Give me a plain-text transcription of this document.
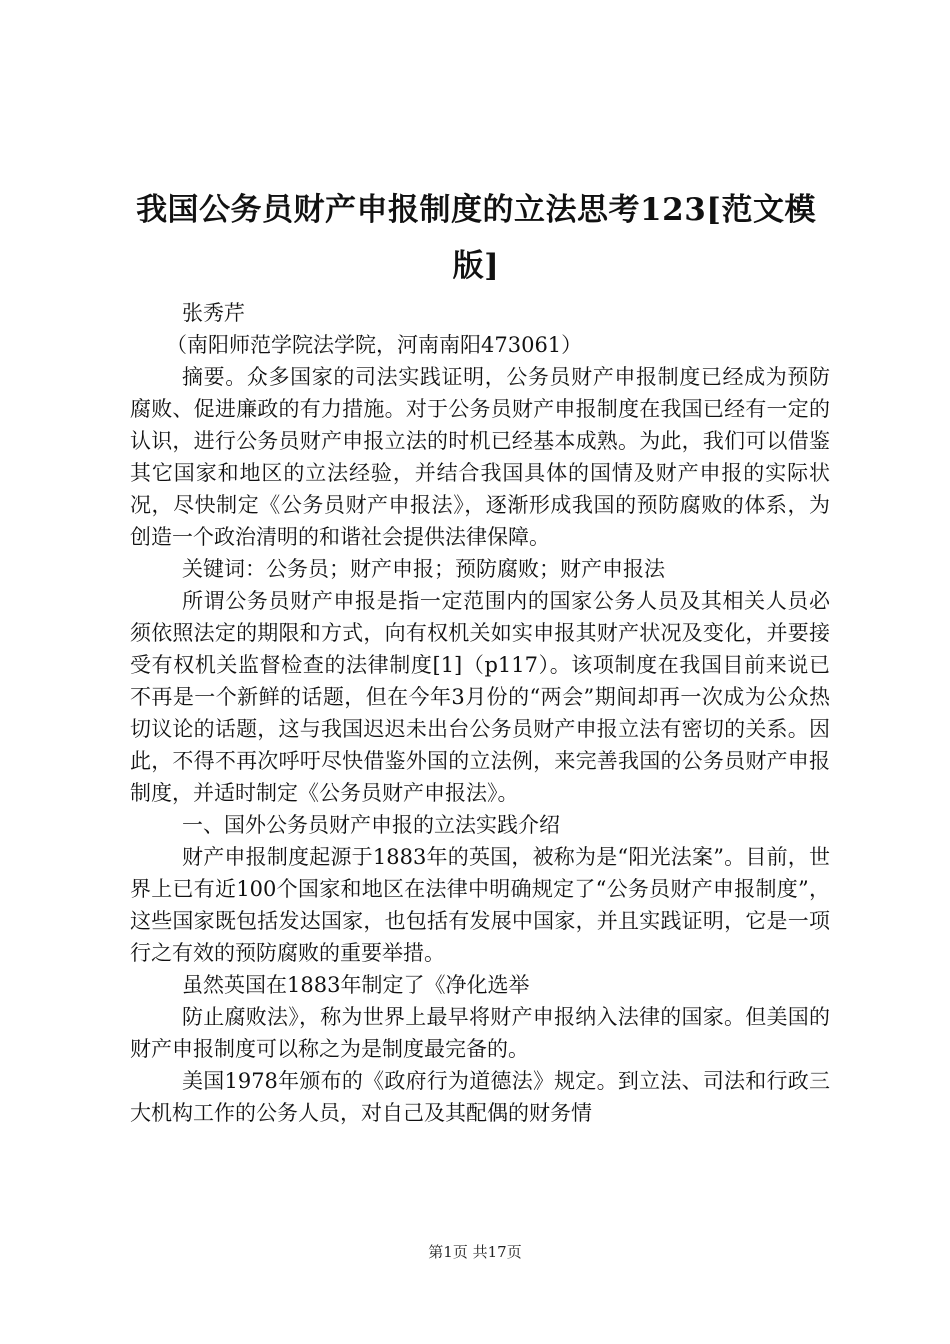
我国公务员财产申报制度的立法思考123[范文模版]

张秀芹

（南阳师范学院法学院，河南南阳473061）

摘要。众多国家的司法实践证明，公务员财产申报制度已经成为预防腐败、促进廉政的有力措施。对于公务员财产申报制度在我国已经有一定的认识，进行公务员财产申报立法的时机已经基本成熟。为此，我们可以借鉴其它国家和地区的立法经验，并结合我国具体的国情及财产申报的实际状况，尽快制定《公务员财产申报法》，逐渐形成我国的预防腐败的体系，为创造一个政治清明的和谐社会提供法律保障。

关键词：公务员；财产申报；预防腐败；财产申报法

所谓公务员财产申报是指一定范围内的国家公务人员及其相关人员必须依照法定的期限和方式，向有权机关如实申报其财产状况及变化，并要接受有权机关监督检查的法律制度[1]（p117）。该项制度在我国目前来说已不再是一个新鲜的话题，但在今年3月份的“两会”期间却再一次成为公众热切议论的话题，这与我国迟迟未出台公务员财产申报立法有密切的关系。因此，不得不再次呼吁尽快借鉴外国的立法例，来完善我国的公务员财产申报制度，并适时制定《公务员财产申报法》。

一、国外公务员财产申报的立法实践介绍

财产申报制度起源于1883年的英国，被称为是“阳光法案”。目前，世界上已有近100个国家和地区在法律中明确规定了“公务员财产申报制度”，这些国家既包括发达国家，也包括有发展中国家，并且实践证明，它是一项行之有效的预防腐败的重要举措。

虽然英国在1883年制定了《净化选举

防止腐败法》，称为世界上最早将财产申报纳入法律的国家。但美国的财产申报制度可以称之为是制度最完备的。

美国1978年颁布的《政府行为道德法》规定。到立法、司法和行政三大机构工作的公务人员，对自己及其配偶的财务情

第1页 共17页
